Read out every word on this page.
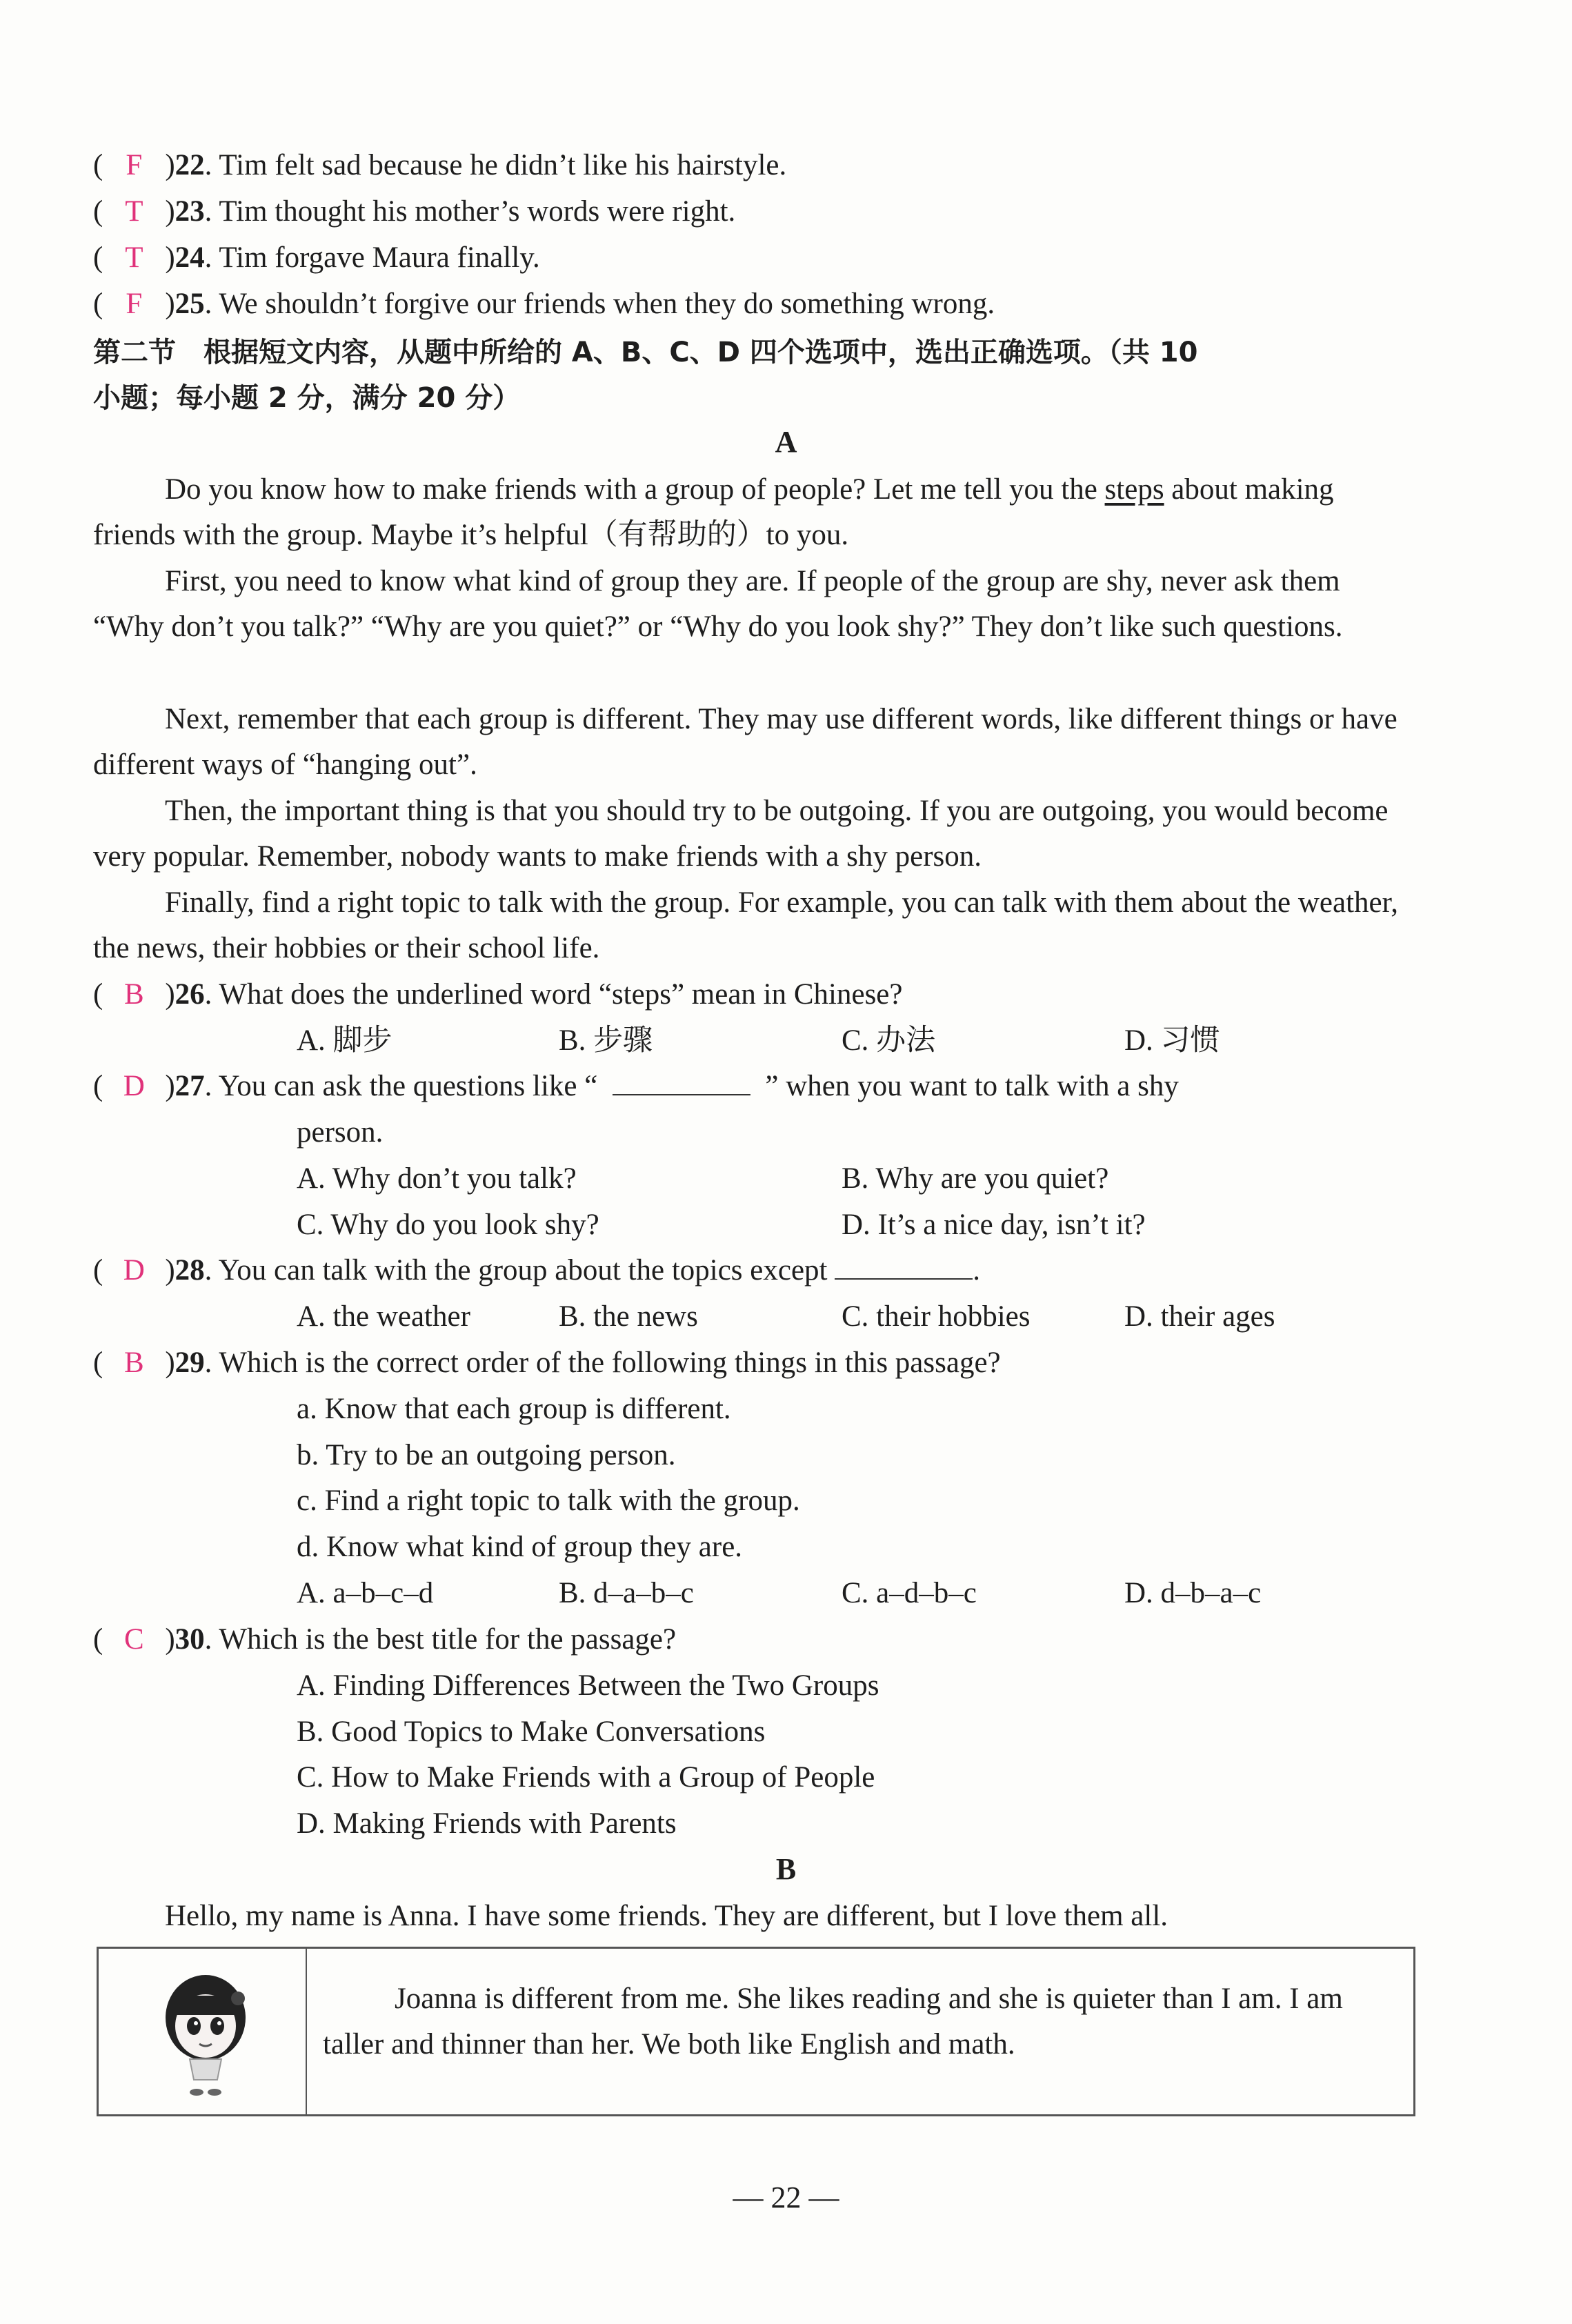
( F )22. Tim felt sad because he didn’t like his hairstyle.
( T )23. Tim thought his mother’s words were right.
( T )24. Tim forgave Maura finally.
( F )25. We shouldn’t forgive our friends when they do something wrong.
第二节　根据短文内容，从题中所给的 A、B、C、D 四个选项中，选出正确选项。（共 10
小题；每小题 2 分，满分 20 分）
A
Do you know how to make friends with a group of people? Let me tell you the steps about making friends with the group. Maybe it’s helpful（有帮助的）to you.
First, you need to know what kind of group they are. If people of the group are shy, never ask them “Why don’t you talk?” “Why are you quiet?” or “Why do you look shy?” They don’t like such questions.
Next, remember that each group is different. They may use different words, like different things or have different ways of “hanging out”.
Then, the important thing is that you should try to be outgoing. If you are outgoing, you would become very popular. Remember, nobody wants to make friends with a shy person.
Finally, find a right topic to talk with the group. For example, you can talk with them about the weather, the news, their hobbies or their school life.
( B )26. What does the underlined word “steps” mean in Chinese?
A. 脚步	B. 步骤	C. 办法	D. 习惯
( D )27. You can ask the questions like “	” when you want to talk with a shy
person.
A. Why don’t you talk?	B. Why are you quiet?
C. Why do you look shy?	D. It’s a nice day, isn’t it?
( D )28. You can talk with the group about the topics except	.
A. the weather	B. the news	C. their hobbies	D. their ages
( B )29. Which is the correct order of the following things in this passage?
a. Know that each group is different.
b. Try to be an outgoing person.
c. Find a right topic to talk with the group.
d. Know what kind of group they are.
A. a–b–c–d	B. d–a–b–c	C. a–d–b–c	D. d–b–a–c
( C )30. Which is the best title for the passage?
A. Finding Differences Between the Two Groups
B. Good Topics to Make Conversations
C. How to Make Friends with a Group of People
D. Making Friends with Parents
B
Hello, my name is Anna. I have some friends. They are different, but I love them all.
Joanna is different from me. She likes reading and she is quieter than I am. I am taller and thinner than her. We both like English and math.
— 22 —
